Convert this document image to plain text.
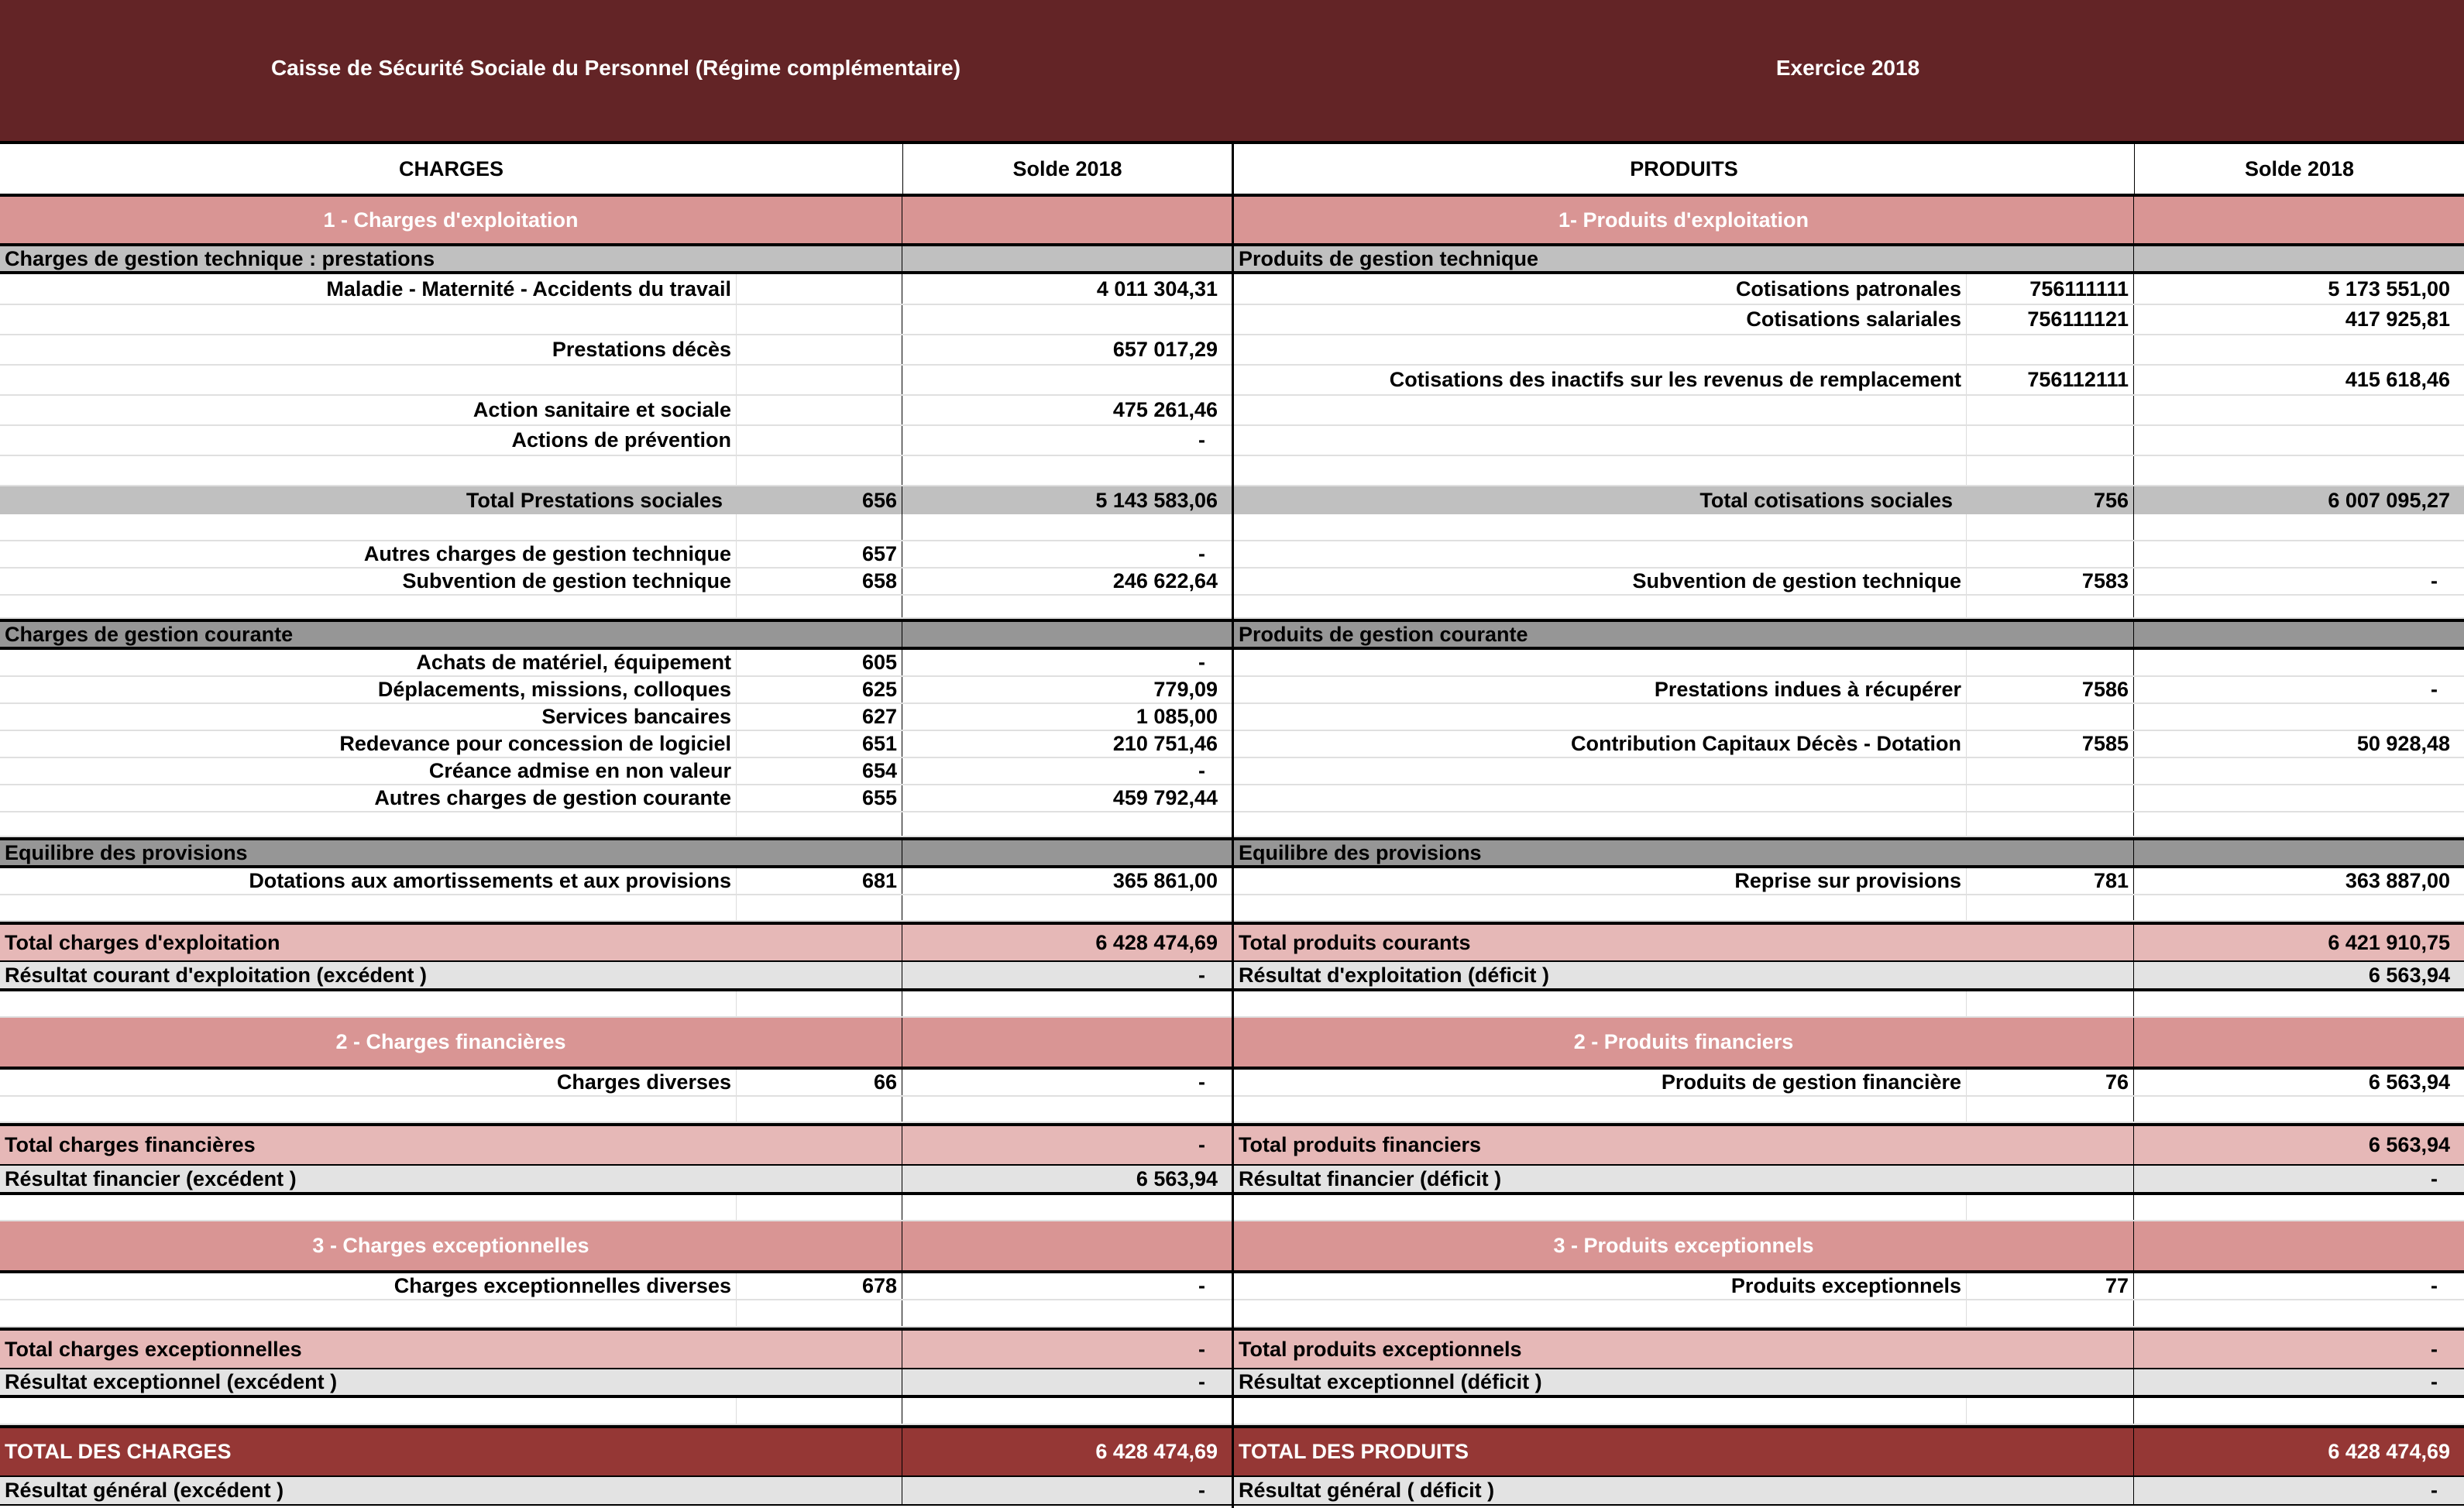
Caisse de Sécurité Sociale du Personnel (Régime complémentaire)	Exercice 2018
CHARGES	Solde 2018
1 - Charges d'exploitation
Charges de gestion technique : prestations
Maladie - Maternité - Accidents du travail	4 011 304,31
Prestations décès	657 017,29
Action sanitaire et sociale	475 261,46
Actions de prévention	-
Total Prestations sociales	656	5 143 583,06
Autres charges de gestion technique	657	-
Subvention de gestion technique	658	246 622,64
Charges de gestion courante
Achats de matériel, équipement	605	-
Déplacements, missions, colloques	625	779,09
Services bancaires	627	1 085,00
Redevance pour concession de logiciel	651	210 751,46
Créance admise en non valeur	654	-
Autres charges de gestion courante	655	459 792,44
Equilibre des provisions
Dotations aux amortissements et aux provisions	681	365 861,00
Total charges d'exploitation	6 428 474,69
Résultat courant d'exploitation (excédent )	-
2 - Charges financières
Charges diverses	66	-
Total charges financières	-
Résultat financier (excédent )	6 563,94
3 - Charges exceptionnelles
Charges exceptionnelles diverses	678	-
Total charges exceptionnelles	-
Résultat exceptionnel (excédent )	-
TOTAL DES CHARGES	6 428 474,69
Résultat général (excédent )	-
PRODUITS	Solde 2018
1- Produits d'exploitation
Produits de gestion technique
Cotisations patronales	756111111	5 173 551,00
Cotisations salariales	756111121	417 925,81
Cotisations des inactifs sur les revenus de remplacement	756112111	415 618,46
Total cotisations sociales	756	6 007 095,27
Subvention de gestion technique	7583	-
Produits de gestion courante
Prestations indues à récupérer	7586	-
Contribution Capitaux Décès - Dotation	7585	50 928,48
Equilibre des provisions
Reprise sur provisions	781	363 887,00
Total produits courants	6 421 910,75
Résultat d'exploitation (déficit )	6 563,94
2 - Produits financiers
Produits de gestion financière	76	6 563,94
Total produits financiers	6 563,94
Résultat financier (déficit )	-
3 - Produits exceptionnels
Produits exceptionnels	77	-
Total produits exceptionnels	-
Résultat exceptionnel (déficit )	-
TOTAL DES PRODUITS	6 428 474,69
Résultat général ( déficit )	-
